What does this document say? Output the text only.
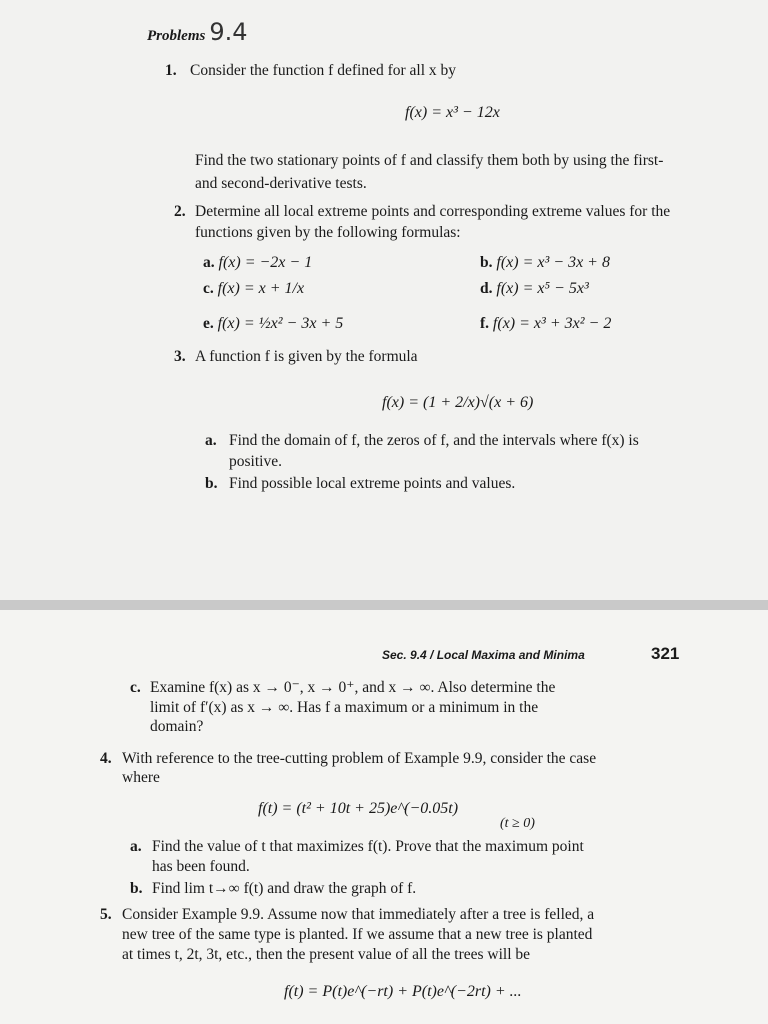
Problems 9.4
1. Consider the function f defined for all x by
f(x) = x³ − 12x
Find the two stationary points of f and classify them both by using the first-
and second-derivative tests.
2. Determine all local extreme points and corresponding extreme values for the
functions given by the following formulas:
a. f(x) = −2x − 1	b. f(x) = x³ − 3x + 8
c. f(x) = x + 1/x	d. f(x) = x⁵ − 5x³
e. f(x) = ½x² − 3x + 5	f. f(x) = x³ + 3x² − 2
3. A function f is given by the formula
f(x) = (1 + 2/x)√(x + 6)
a. Find the domain of f, the zeros of f, and the intervals where f(x) is
positive.
b. Find possible local extreme points and values.
Sec. 9.4 / Local Maxima and Minima	321
c. Examine f(x) as x → 0⁻, x → 0⁺, and x → ∞. Also determine the
limit of f′(x) as x → ∞. Has f a maximum or a minimum in the
domain?
4. With reference to the tree-cutting problem of Example 9.9, consider the case
where
f(t) = (t² + 10t + 25)e^(−0.05t)
(t ≥ 0)
a. Find the value of t that maximizes f(t). Prove that the maximum point
has been found.
b. Find lim t→∞ f(t) and draw the graph of f.
5. Consider Example 9.9. Assume now that immediately after a tree is felled, a
new tree of the same type is planted. If we assume that a new tree is planted
at times t, 2t, 3t, etc., then the present value of all the trees will be
f(t) = P(t)e^(−rt) + P(t)e^(−2rt) + ...
